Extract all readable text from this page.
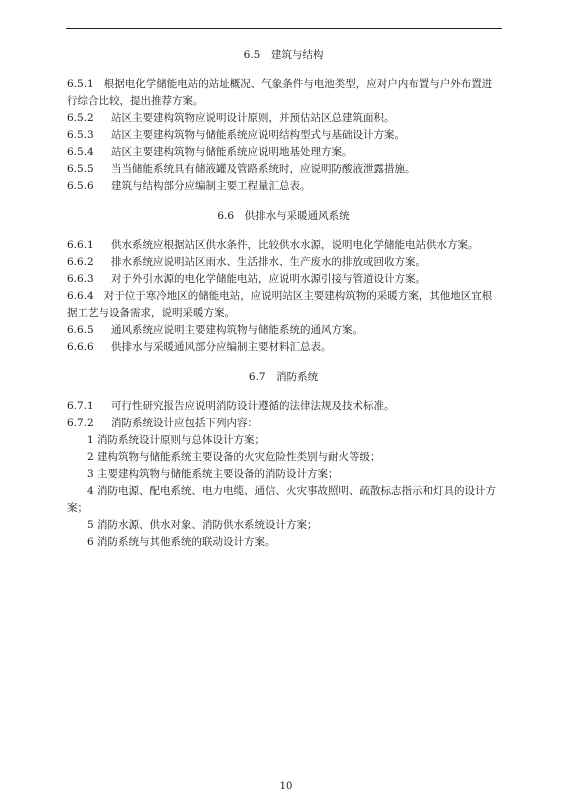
6.5　建筑与结构
6.5.1 根据电化学储能电站的站址概况、气象条件与电池类型，应对户内布置与户外布置进行综合比较，提出推荐方案。
6.5.2	站区主要建构筑物应说明设计原则，并预估站区总建筑面积。
6.5.3	站区主要建构筑物与储能系统应说明结构型式与基础设计方案。
6.5.4	站区主要建构筑物与储能系统应说明地基处理方案。
6.5.5	当当储能系统具有储液罐及管路系统时，应说明防酸液泄露措施。
6.5.6	建筑与结构部分应编制主要工程量汇总表。
6.6　供排水与采暖通风系统
6.6.1	供水系统应根据站区供水条件，比较供水水源，说明电化学储能电站供水方案。
6.6.2	排水系统应说明站区雨水、生活排水、生产废水的排放或回收方案。
6.6.3	对于外引水源的电化学储能电站，应说明水源引接与管道设计方案。
6.6.4 对于位于寒冷地区的储能电站，应说明站区主要建构筑物的采暖方案，其他地区宜根据工艺与设备需求，说明采暖方案。
6.6.5	通风系统应说明主要建构筑物与储能系统的通风方案。
6.6.6	供排水与采暖通风部分应编制主要材料汇总表。
6.7　消防系统
6.7.1	可行性研究报告应说明消防设计遵循的法律法规及技术标准。
6.7.2	消防系统设计应包括下列内容：
1 消防系统设计原则与总体设计方案；
2 建构筑物与储能系统主要设备的火灾危险性类别与耐火等级；
3 主要建构筑物与储能系统主要设备的消防设计方案；
4 消防电源、配电系统、电力电缆、通信、火灾事故照明、疏散标志指示和灯具的设计方案；
5 消防水源、供水对象、消防供水系统设计方案；
6 消防系统与其他系统的联动设计方案。
10
